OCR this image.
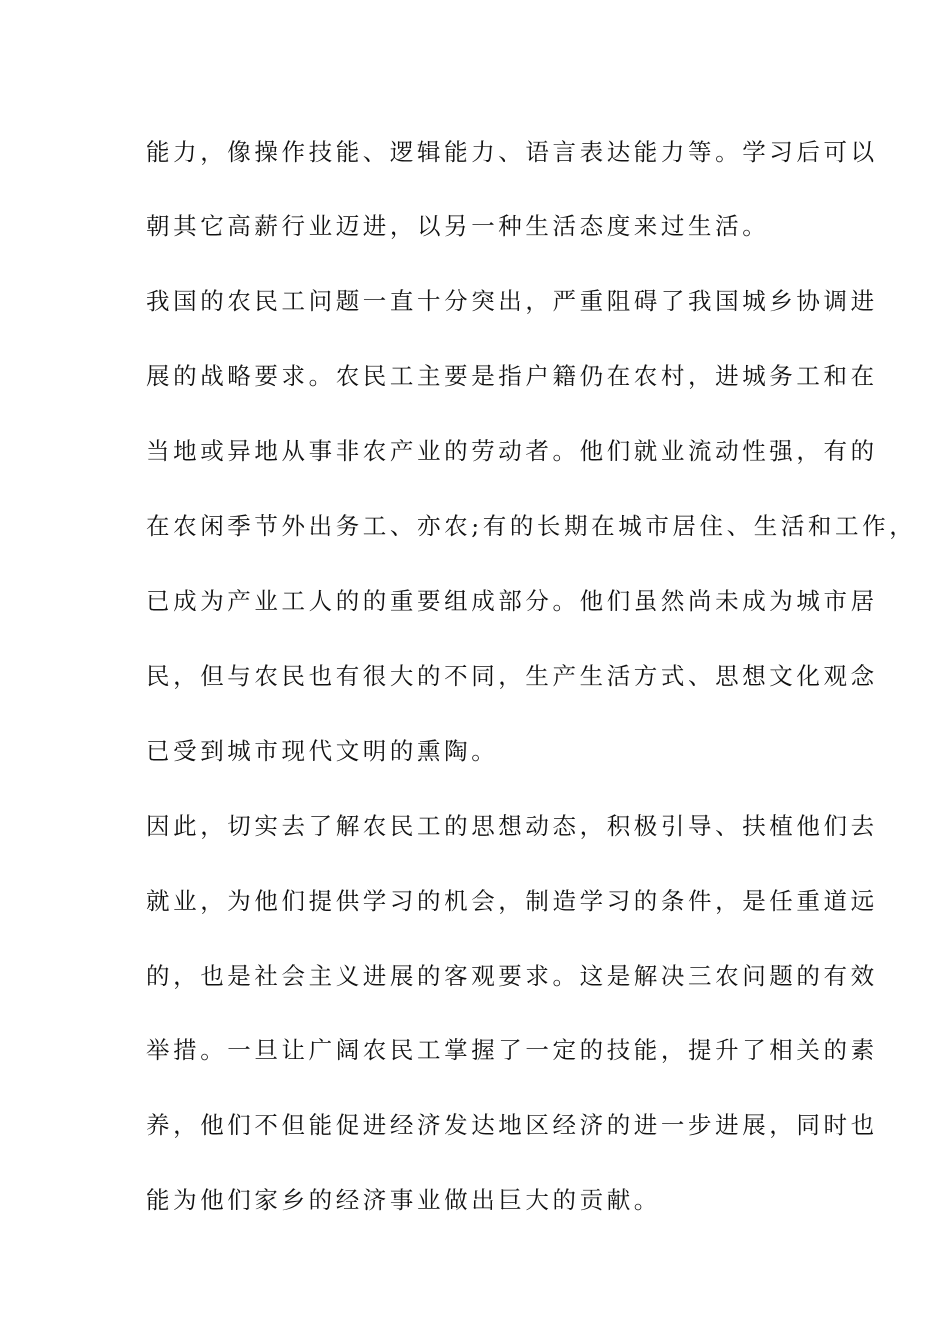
能力，像操作技能、逻辑能力、语言表达能力等。学习后可以
朝其它高薪行业迈进，以另一种生活态度来过生活。
我国的农民工问题一直十分突出，严重阻碍了我国城乡协调进
展的战略要求。农民工主要是指户籍仍在农村，进城务工和在
当地或异地从事非农产业的劳动者。他们就业流动性强，有的
在农闲季节外出务工、亦农;有的长期在城市居住、生活和工作，
已成为产业工人的的重要组成部分。他们虽然尚未成为城市居
民，但与农民也有很大的不同，生产生活方式、思想文化观念
已受到城市现代文明的熏陶。
因此，切实去了解农民工的思想动态，积极引导、扶植他们去
就业，为他们提供学习的机会，制造学习的条件，是任重道远
的，也是社会主义进展的客观要求。这是解决三农问题的有效
举措。一旦让广阔农民工掌握了一定的技能，提升了相关的素
养，他们不但能促进经济发达地区经济的进一步进展，同时也
能为他们家乡的经济事业做出巨大的贡献。
